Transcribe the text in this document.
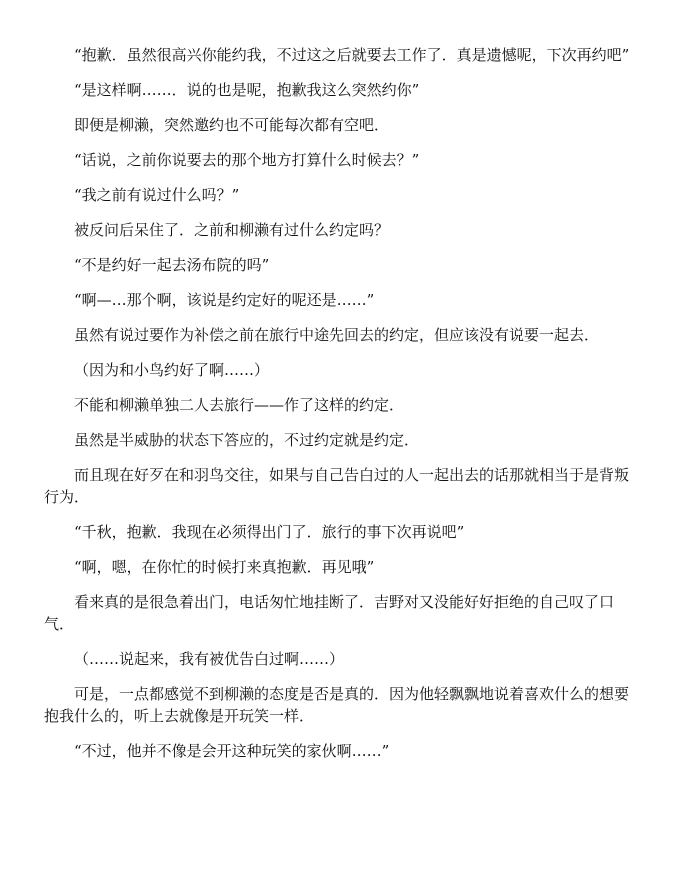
“抱歉．虽然很高兴你能约我，不过这之后就要去工作了．真是遗憾呢，下次再约吧”

“是这样啊……．说的也是呢，抱歉我这么突然约你”

即便是柳濑，突然邀约也不可能每次都有空吧．

“话说，之前你说要去的那个地方打算什么时候去？”

“我之前有说过什么吗？”

被反问后呆住了．之前和柳濑有过什么约定吗？

“不是约好一起去汤布院的吗”

“啊—…那个啊，该说是约定好的呢还是……”

虽然有说过要作为补偿之前在旅行中途先回去的约定，但应该没有说要一起去．

（因为和小鸟约好了啊……）

不能和柳濑单独二人去旅行——作了这样的约定．

虽然是半威胁的状态下答应的，不过约定就是约定．

而且现在好歹在和羽鸟交往，如果与自己告白过的人一起出去的话那就相当于是背叛行为．

“千秋，抱歉．我现在必须得出门了．旅行的事下次再说吧”

“啊，嗯，在你忙的时候打来真抱歉．再见哦”

看来真的是很急着出门，电话匆忙地挂断了．吉野对又没能好好拒绝的自己叹了口气．

（……说起来，我有被优告白过啊……）

可是，一点都感觉不到柳濑的态度是否是真的．因为他轻飘飘地说着喜欢什么的想要抱我什么的，听上去就像是开玩笑一样．

“不过，他并不像是会开这种玩笑的家伙啊……”
